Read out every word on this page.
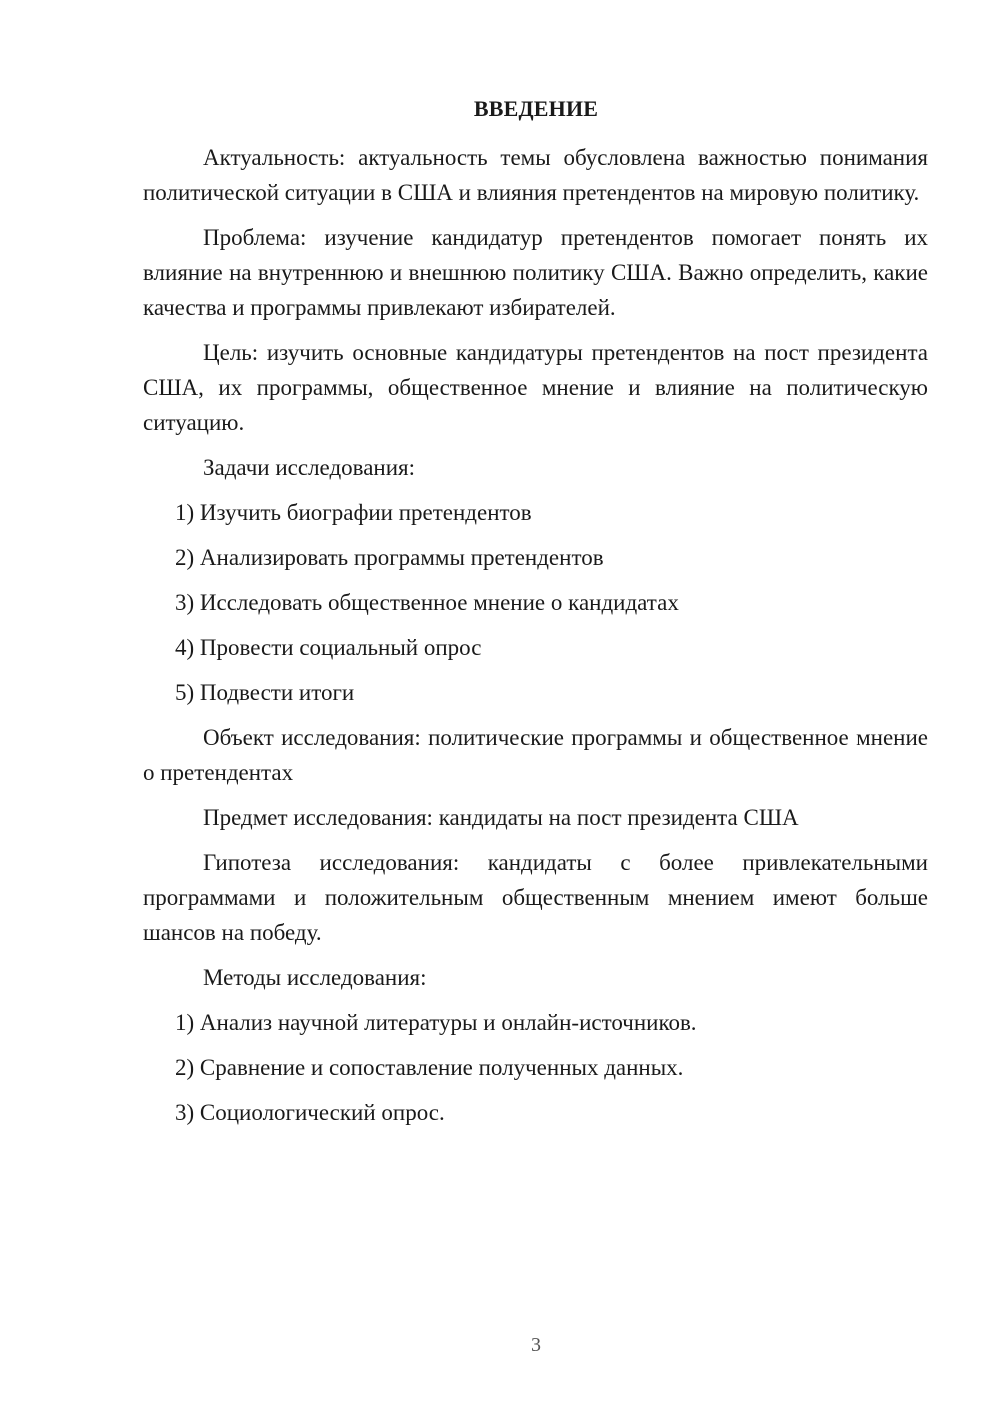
ВВЕДЕНИЕ

Актуальность: актуальность темы обусловлена важностью понимания политической ситуации в США и влияния претендентов на мировую политику.

Проблема: изучение кандидатур претендентов помогает понять их влияние на внутреннюю и внешнюю политику США. Важно определить, какие качества и программы привлекают избирателей.

Цель: изучить основные кандидатуры претендентов на пост президента США, их программы, общественное мнение и влияние на политическую ситуацию.

Задачи исследования:

1) Изучить биографии претендентов

2) Анализировать программы претендентов

3) Исследовать общественное мнение о кандидатах

4) Провести социальный опрос

5) Подвести итоги

Объект исследования: политические программы и общественное мнение о претендентах

Предмет исследования: кандидаты на пост президента США

Гипотеза исследования: кандидаты с более привлекательными программами и положительным общественным мнением имеют больше шансов на победу.

Методы исследования:

1) Анализ научной литературы и онлайн-источников.

2) Сравнение и сопоставление полученных данных.

3) Социологический опрос.

3
